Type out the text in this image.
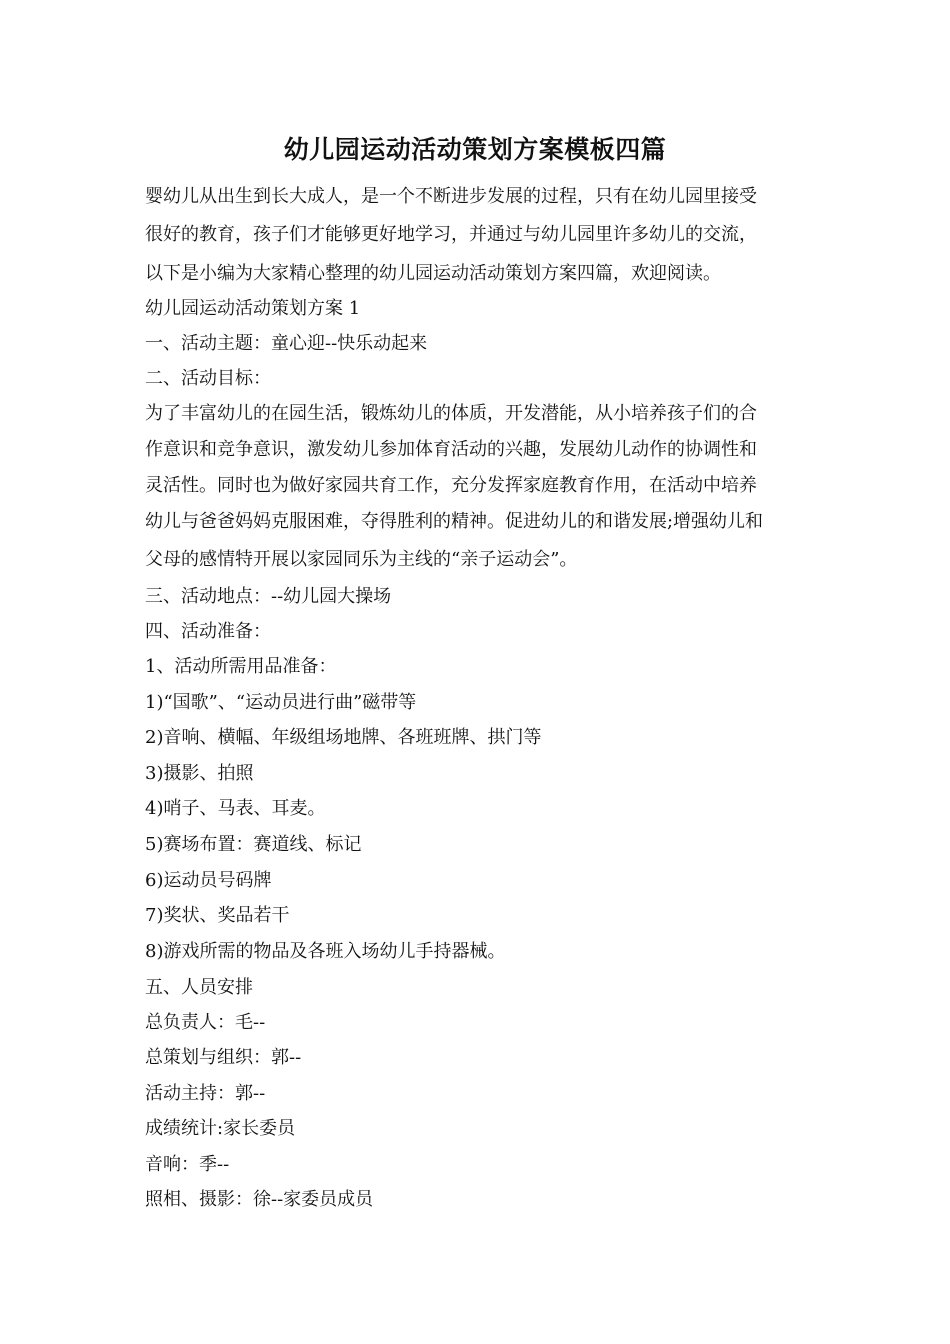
幼儿园运动活动策划方案模板四篇
婴幼儿从出生到长大成人，是一个不断进步发展的过程，只有在幼儿园里接受
很好的教育，孩子们才能够更好地学习，并通过与幼儿园里许多幼儿的交流，
以下是小编为大家精心整理的幼儿园运动活动策划方案四篇，欢迎阅读。
幼儿园运动活动策划方案 1
一、活动主题：童心迎--快乐动起来
二、活动目标：
为了丰富幼儿的在园生活，锻炼幼儿的体质，开发潜能，从小培养孩子们的合
作意识和竞争意识，激发幼儿参加体育活动的兴趣，发展幼儿动作的协调性和
灵活性。同时也为做好家园共育工作，充分发挥家庭教育作用，在活动中培养
幼儿与爸爸妈妈克服困难，夺得胜利的精神。促进幼儿的和谐发展;增强幼儿和
父母的感情特开展以家园同乐为主线的“亲子运动会”。
三、活动地点：--幼儿园大操场
四、活动准备：
1、活动所需用品准备：
1)“国歌”、“运动员进行曲”磁带等
2)音响、横幅、年级组场地牌、各班班牌、拱门等
3)摄影、拍照
4)哨子、马表、耳麦。
5)赛场布置：赛道线、标记
6)运动员号码牌
7)奖状、奖品若干
8)游戏所需的物品及各班入场幼儿手持器械。
五、人员安排
总负责人：毛--
总策划与组织：郭--
活动主持：郭--
成绩统计:家长委员
音响：季--
照相、摄影：徐--家委员成员
